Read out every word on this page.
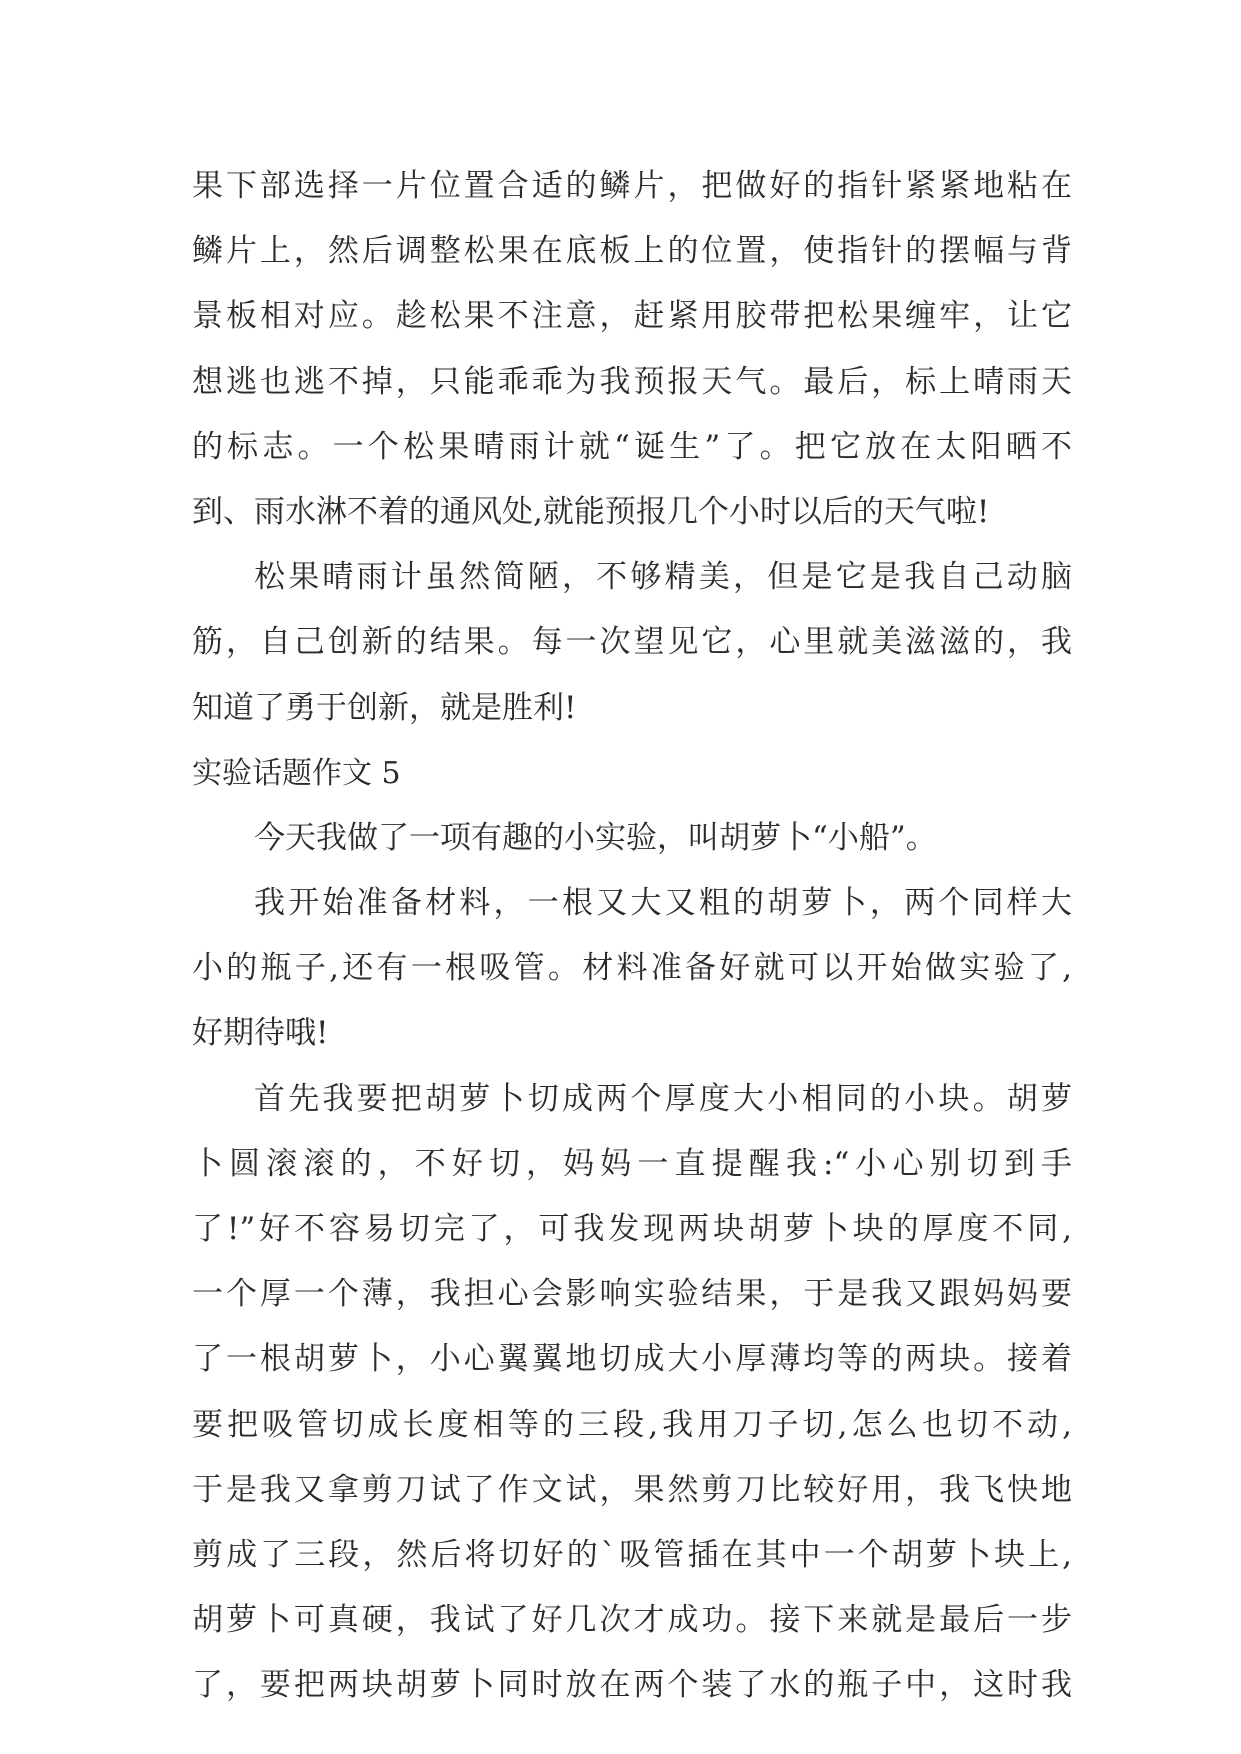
果下部选择一片位置合适的鳞片，把做好的指针紧紧地粘在
鳞片上，然后调整松果在底板上的位置，使指针的摆幅与背
景板相对应。趁松果不注意，赶紧用胶带把松果缠牢，让它
想逃也逃不掉，只能乖乖为我预报天气。最后，标上晴雨天
的标志。一个松果晴雨计就“诞生”了。把它放在太阳晒不
到、雨水淋不着的通风处,就能预报几个小时以后的天气啦!
松果晴雨计虽然简陋，不够精美，但是它是我自己动脑
筋，自己创新的结果。每一次望见它，心里就美滋滋的，我
知道了勇于创新，就是胜利!
实验话题作文 5
今天我做了一项有趣的小实验，叫胡萝卜“小船”。
我开始准备材料，一根又大又粗的胡萝卜，两个同样大
小的瓶子,还有一根吸管。材料准备好就可以开始做实验了,
好期待哦!
首先我要把胡萝卜切成两个厚度大小相同的小块。胡萝
卜圆滚滚的，不好切，妈妈一直提醒我:“小心别切到手
了!”好不容易切完了，可我发现两块胡萝卜块的厚度不同,
一个厚一个薄，我担心会影响实验结果，于是我又跟妈妈要
了一根胡萝卜，小心翼翼地切成大小厚薄均等的两块。接着
要把吸管切成长度相等的三段,我用刀子切,怎么也切不动,
于是我又拿剪刀试了作文试，果然剪刀比较好用，我飞快地
剪成了三段，然后将切好的`吸管插在其中一个胡萝卜块上,
胡萝卜可真硬，我试了好几次才成功。接下来就是最后一步
了，要把两块胡萝卜同时放在两个装了水的瓶子中，这时我
